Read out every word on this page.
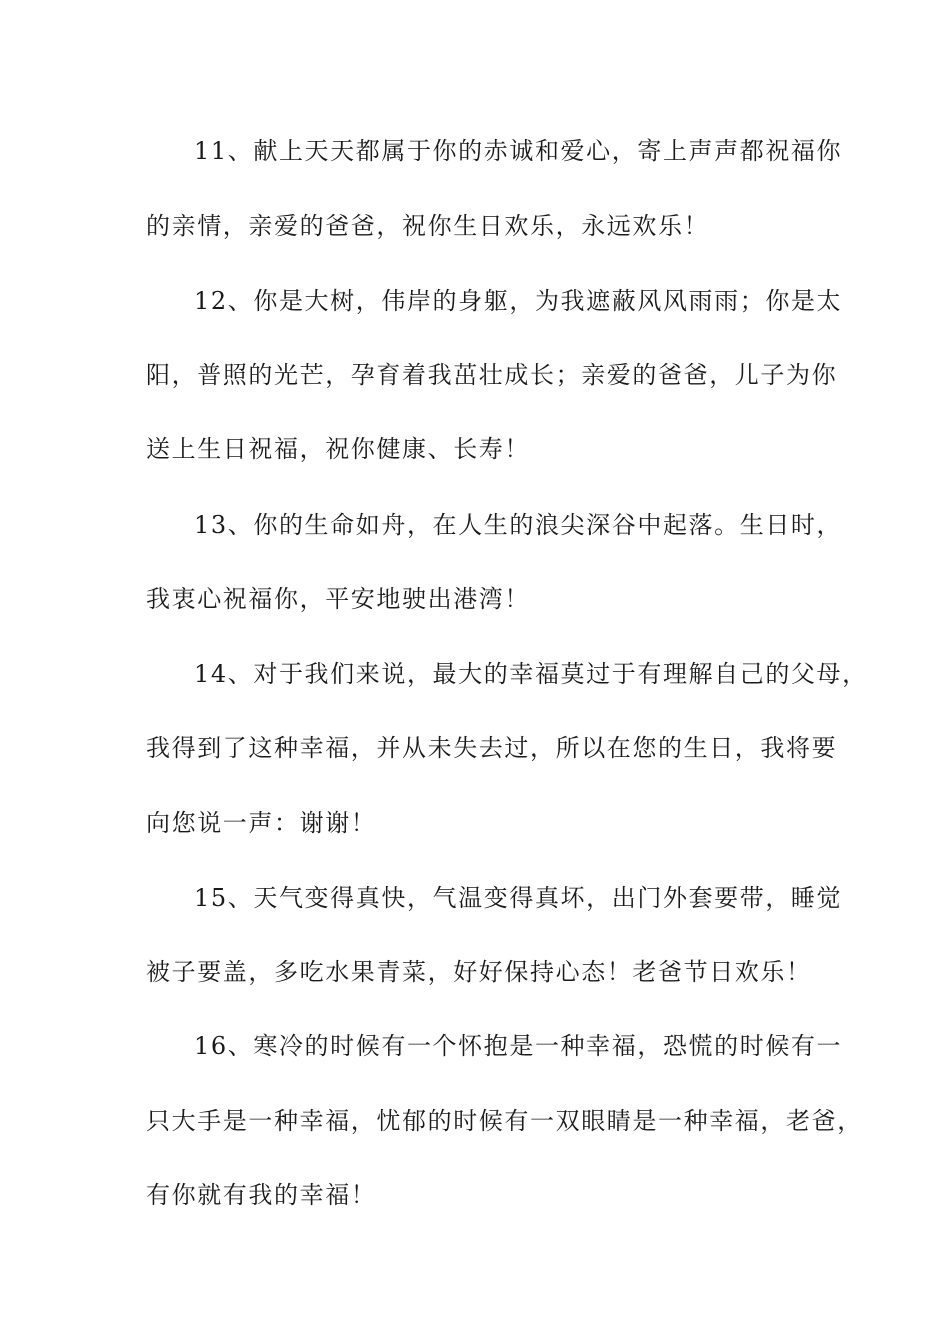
11、献上天天都属于你的赤诚和爱心，寄上声声都祝福你
的亲情，亲爱的爸爸，祝你生日欢乐，永远欢乐！
12、你是大树，伟岸的身躯，为我遮蔽风风雨雨；你是太
阳，普照的光芒，孕育着我茁壮成长；亲爱的爸爸，儿子为你
送上生日祝福，祝你健康、长寿！
13、你的生命如舟，在人生的浪尖深谷中起落。生日时，
我衷心祝福你，平安地驶出港湾！
14、对于我们来说，最大的幸福莫过于有理解自己的父母，
我得到了这种幸福，并从未失去过，所以在您的生日，我将要
向您说一声：谢谢！
15、天气变得真快，气温变得真坏，出门外套要带，睡觉
被子要盖，多吃水果青菜，好好保持心态！老爸节日欢乐！
16、寒冷的时候有一个怀抱是一种幸福，恐慌的时候有一
只大手是一种幸福，忧郁的时候有一双眼睛是一种幸福，老爸，
有你就有我的幸福！
